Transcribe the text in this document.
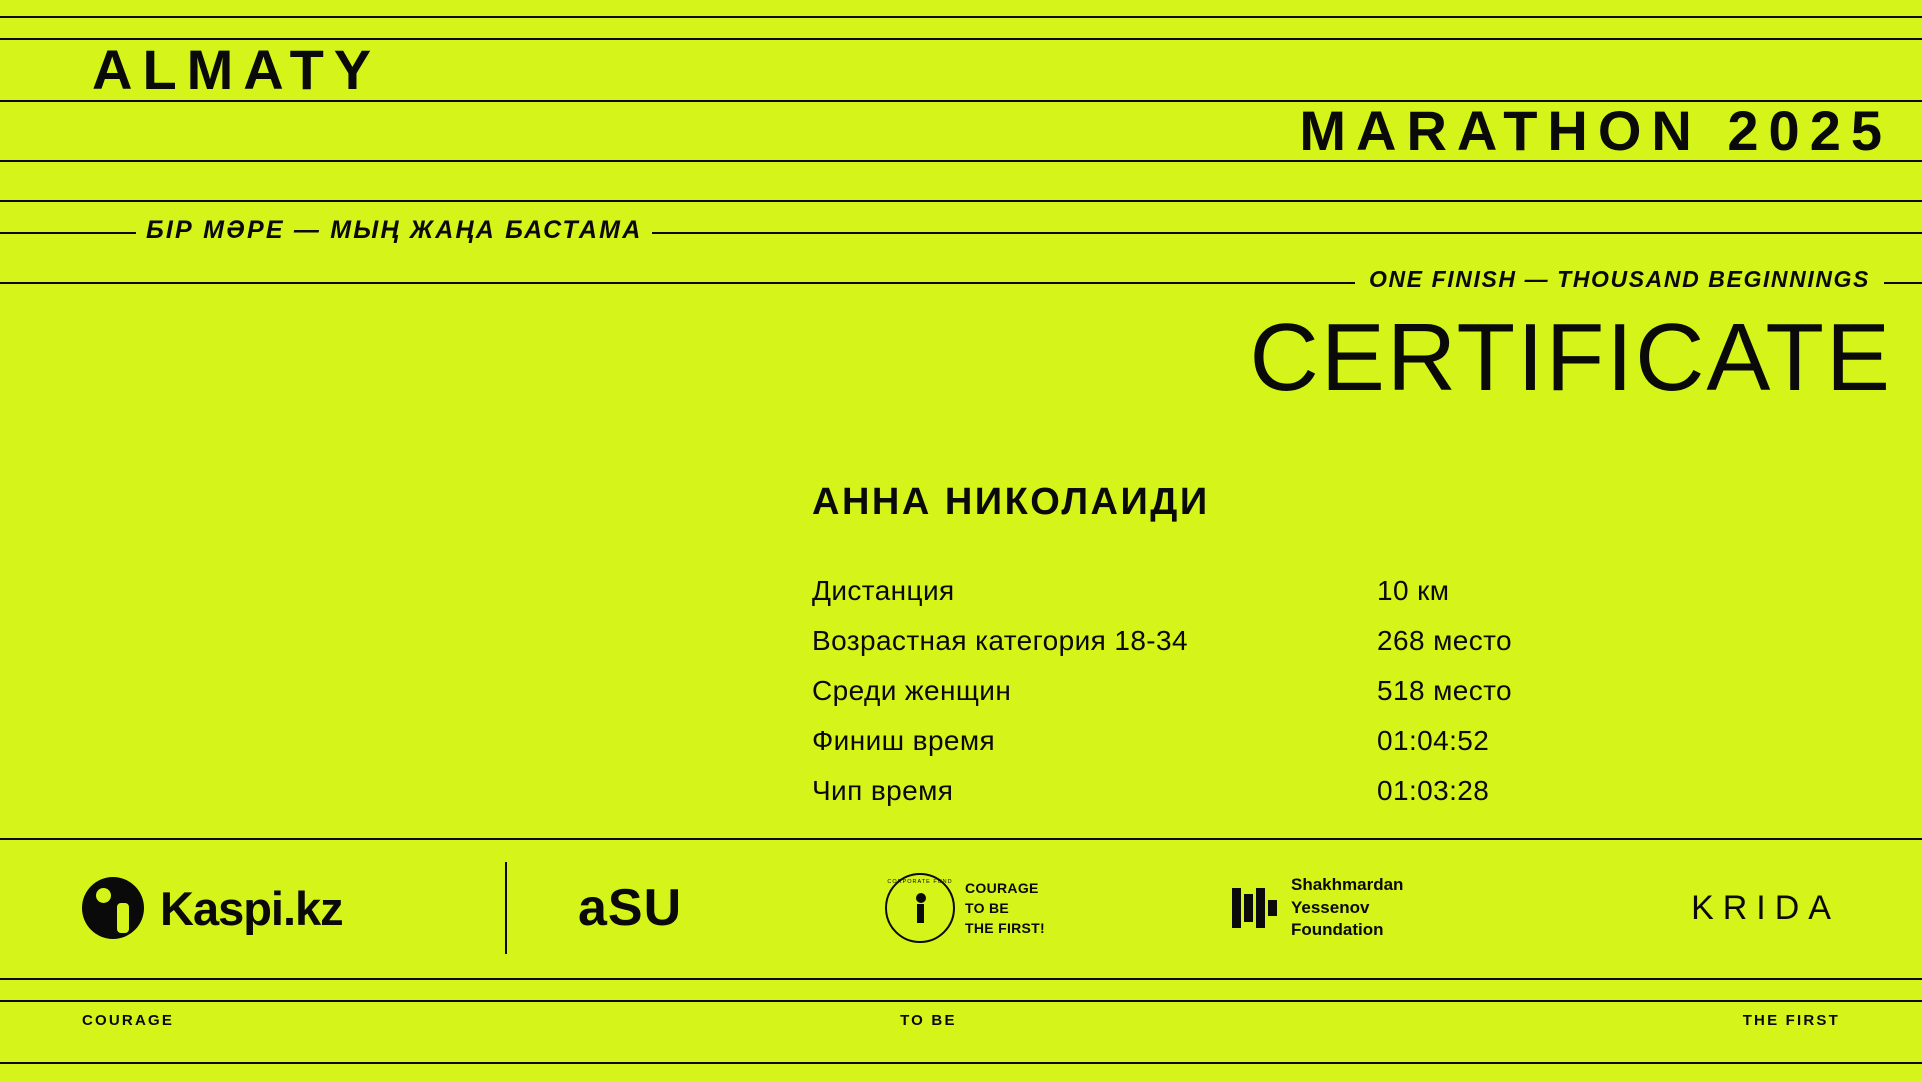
ALMATY
MARATHON 2025
БІР МӘРЕ — МЫҢ ЖАҢА БАСТАМА
ONE FINISH — THOUSAND BEGINNINGS
CERTIFICATE
АННА НИКОЛАИДИ
Дистанция	10 км
Возрастная категория 18-34	268 место
Среди женщин	518 место
Финиш время	01:04:52
Чип время	01:03:28
Kaspi.kz	aSU	CORPORATE FUND COURAGE
TO BE
THE FIRST!
Shakhmardan
Yessenov
Foundation
KRIDA
COURAGE	TO BE	THE FIRST
